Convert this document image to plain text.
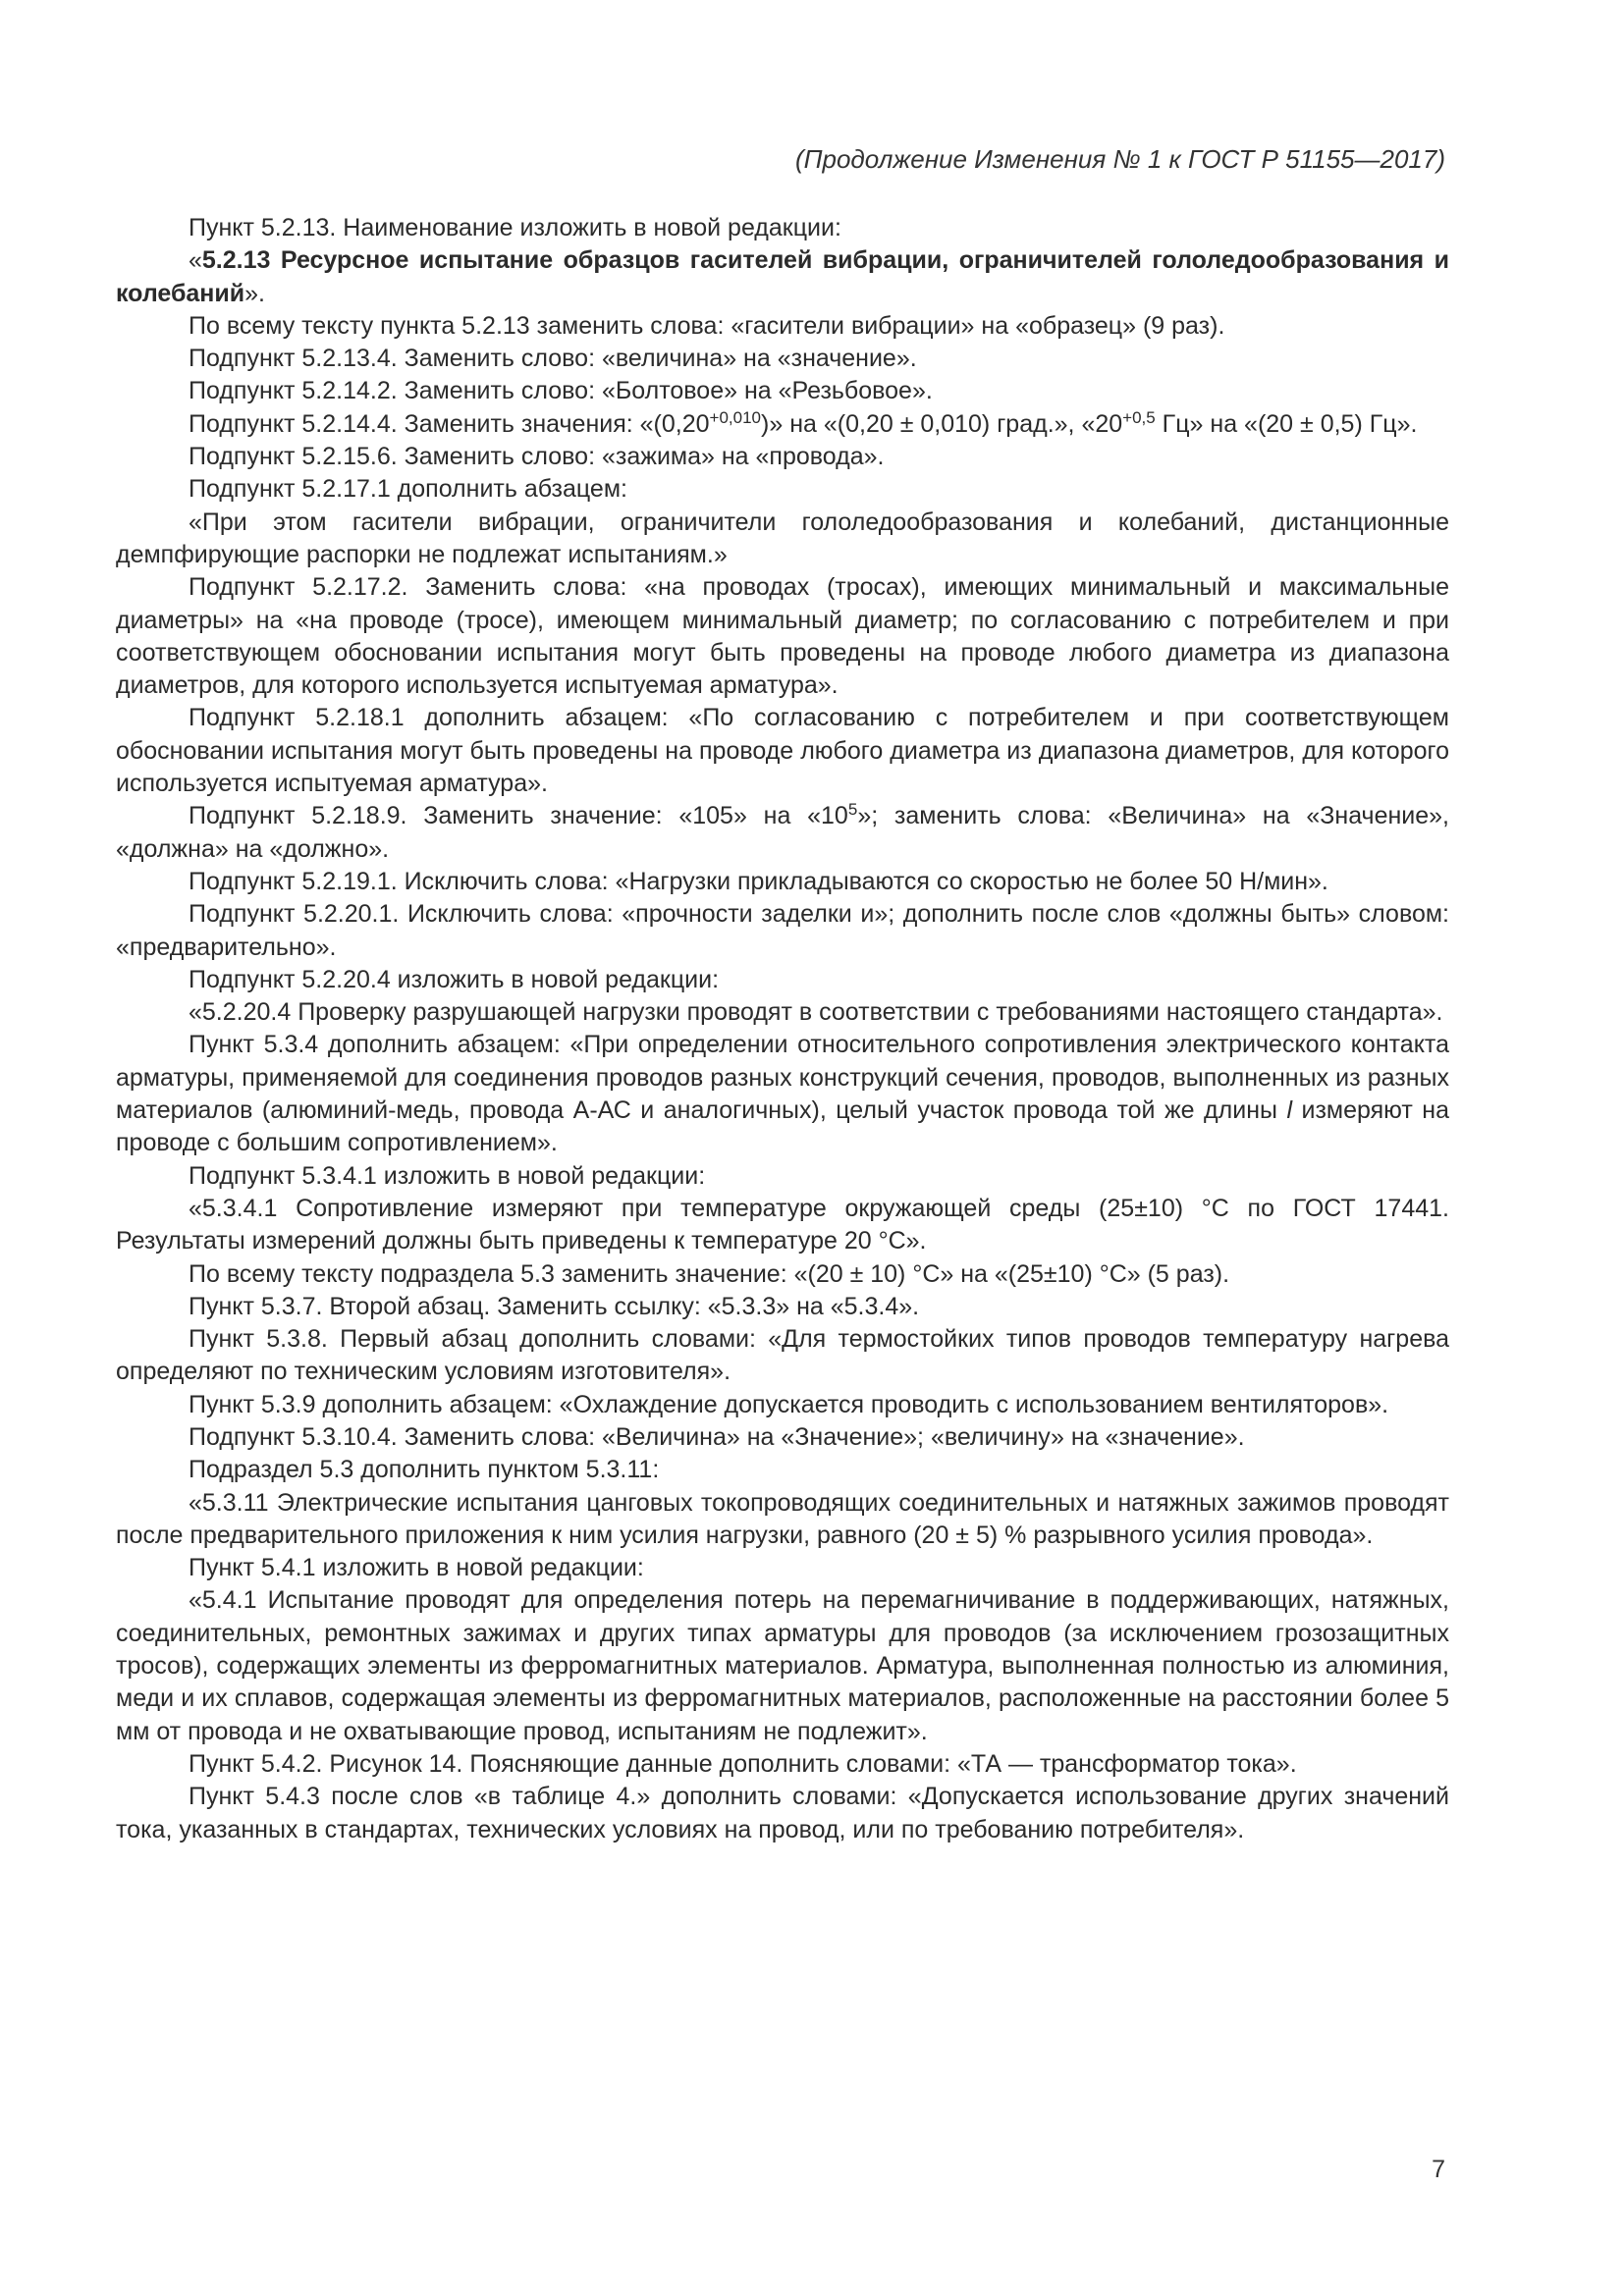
(Продолжение Изменения № 1 к ГОСТ Р 51155—2017)

Пункт 5.2.13. Наименование изложить в новой редакции:

«5.2.13 Ресурсное испытание образцов гасителей вибрации, ограничителей гололедообразования и колебаний».

По всему тексту пункта 5.2.13 заменить слова: «гасители вибрации» на «образец» (9 раз).

Подпункт 5.2.13.4. Заменить слово: «величина» на «значение».

Подпункт 5.2.14.2. Заменить слово: «Болтовое» на «Резьбовое».

Подпункт 5.2.14.4. Заменить значения: «$(0,20^{+0,010})$» на «(0,20 ± 0,010) град.», «$20^{+0,5}$ Гц» на «(20 ± 0,5) Гц».

Подпункт 5.2.15.6. Заменить слово: «зажима» на «провода».

Подпункт 5.2.17.1 дополнить абзацем:

«При этом гасители вибрации, ограничители гололедообразования и колебаний, дистанционные демпфирующие распорки не подлежат испытаниям.»

Подпункт 5.2.17.2. Заменить слова: «на проводах (тросах), имеющих минимальный и максимальные диаметры» на «на проводе (тросе), имеющем минимальный диаметр; по согласованию с потребителем и при соответствующем обосновании испытания могут быть проведены на проводе любого диаметра из диапазона диаметров, для которого используется испытуемая арматура».

Подпункт 5.2.18.1 дополнить абзацем: «По согласованию с потребителем и при соответствующем обосновании испытания могут быть проведены на проводе любого диаметра из диапазона диаметров, для которого используется испытуемая арматура».

Подпункт 5.2.18.9. Заменить значение: «105» на «$10^5$»; заменить слова: «Величина» на «Значение», «должна» на «должно».

Подпункт 5.2.19.1. Исключить слова: «Нагрузки прикладываются со скоростью не более 50 Н/мин».

Подпункт 5.2.20.1. Исключить слова: «прочности заделки и»; дополнить после слов «должны быть» словом: «предварительно».

Подпункт 5.2.20.4 изложить в новой редакции:

«5.2.20.4 Проверку разрушающей нагрузки проводят в соответствии с требованиями настоящего стандарта».

Пункт 5.3.4 дополнить абзацем: «При определении относительного сопротивления электрического контакта арматуры, применяемой для соединения проводов разных конструкций сечения, проводов, выполненных из разных материалов (алюминий-медь, провода А-АС и аналогичных), целый участок провода той же длины l измеряют на проводе с большим сопротивлением».

Подпункт 5.3.4.1 изложить в новой редакции:

«5.3.4.1 Сопротивление измеряют при температуре окружающей среды (25±10) °С по ГОСТ 17441. Результаты измерений должны быть приведены к температуре 20 °С».

По всему тексту подраздела 5.3 заменить значение: «(20 ± 10) °С» на «(25±10) °С» (5 раз).

Пункт 5.3.7. Второй абзац. Заменить ссылку: «5.3.3» на «5.3.4».

Пункт 5.3.8. Первый абзац дополнить словами: «Для термостойких типов проводов температуру нагрева определяют по техническим условиям изготовителя».

Пункт 5.3.9 дополнить абзацем: «Охлаждение допускается проводить с использованием вентиляторов».

Подпункт 5.3.10.4. Заменить слова: «Величина» на «Значение»; «величину» на «значение».

Подраздел 5.3 дополнить пунктом 5.3.11:

«5.3.11 Электрические испытания цанговых токопроводящих соединительных и натяжных зажимов проводят после предварительного приложения к ним усилия нагрузки, равного (20 ± 5) % разрывного усилия провода».

Пункт 5.4.1 изложить в новой редакции:

«5.4.1 Испытание проводят для определения потерь на перемагничивание в поддерживающих, натяжных, соединительных, ремонтных зажимах и других типах арматуры для проводов (за исключением грозозащитных тросов), содержащих элементы из ферромагнитных материалов. Арматура, выполненная полностью из алюминия, меди и их сплавов, содержащая элементы из ферромагнитных материалов, расположенные на расстоянии более 5 мм от провода и не охватывающие провод, испытаниям не подлежит».

Пункт 5.4.2. Рисунок 14. Поясняющие данные дополнить словами: «ТА — трансформатор тока».

Пункт 5.4.3 после слов «в таблице 4.» дополнить словами: «Допускается использование других значений тока, указанных в стандартах, технических условиях на провод, или по требованию потребителя».

7
